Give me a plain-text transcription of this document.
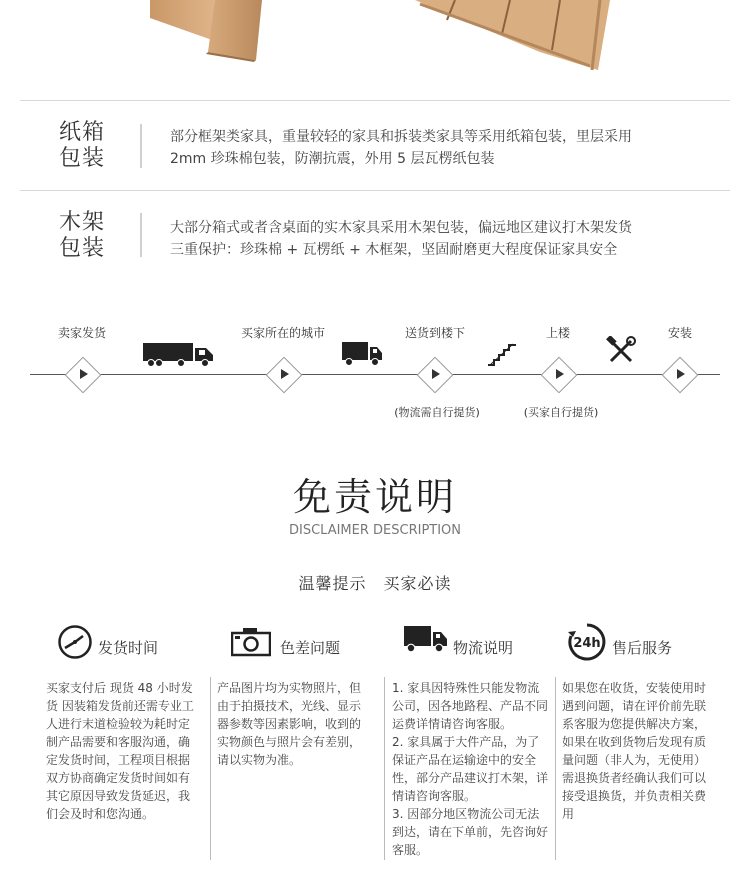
纸箱
包装
部分框架类家具，重量较轻的家具和拆装类家具等采用纸箱包装，里层采用
2mm 珍珠棉包装，防潮抗震，外用 5 层瓦楞纸包装
木架
包装
大部分箱式或者含桌面的实木家具采用木架包装，偏远地区建议打木架发货
三重保护：珍珠棉 + 瓦楞纸 + 木框架，坚固耐磨更大程度保证家具安全
卖家发货	买家所在的城市	送货到楼下	上楼	安装
(物流需自行提货)	(买家自行提货)
免责说明
DISCLAIMER DESCRIPTION
温馨提示　买家必读
发货时间	色差问题	物流说明	24h 售后服务

买家支付后 现货 48 小时发货 因装箱发货前还需专业工人进行末道检验较为耗时定制产品需要和客服沟通，确定发货时间，工程项目根据双方协商确定发货时间如有其它原因导致发货延迟，我们会及时和您沟通。

产品图片均为实物照片，但由于拍摄技术，光线、显示器参数等因素影响，收到的实物颜色与照片会有差别，请以实物为准。

1. 家具因特殊性只能发物流公司，因各地路程、产品不同运费详情请咨询客服。

2. 家具属于大件产品，为了保证产品在运输途中的安全性，部分产品建议打木架，详情请咨询客服。

3. 因部分地区物流公司无法到达，请在下单前，先咨询好客服。

如果您在收货，安装使用时遇到问题，请在评价前先联系客服为您提供解决方案，如果在收到货物后发现有质量问题（非人为，无使用）需退换货者经确认我们可以接受退换货，并负责相关费用
